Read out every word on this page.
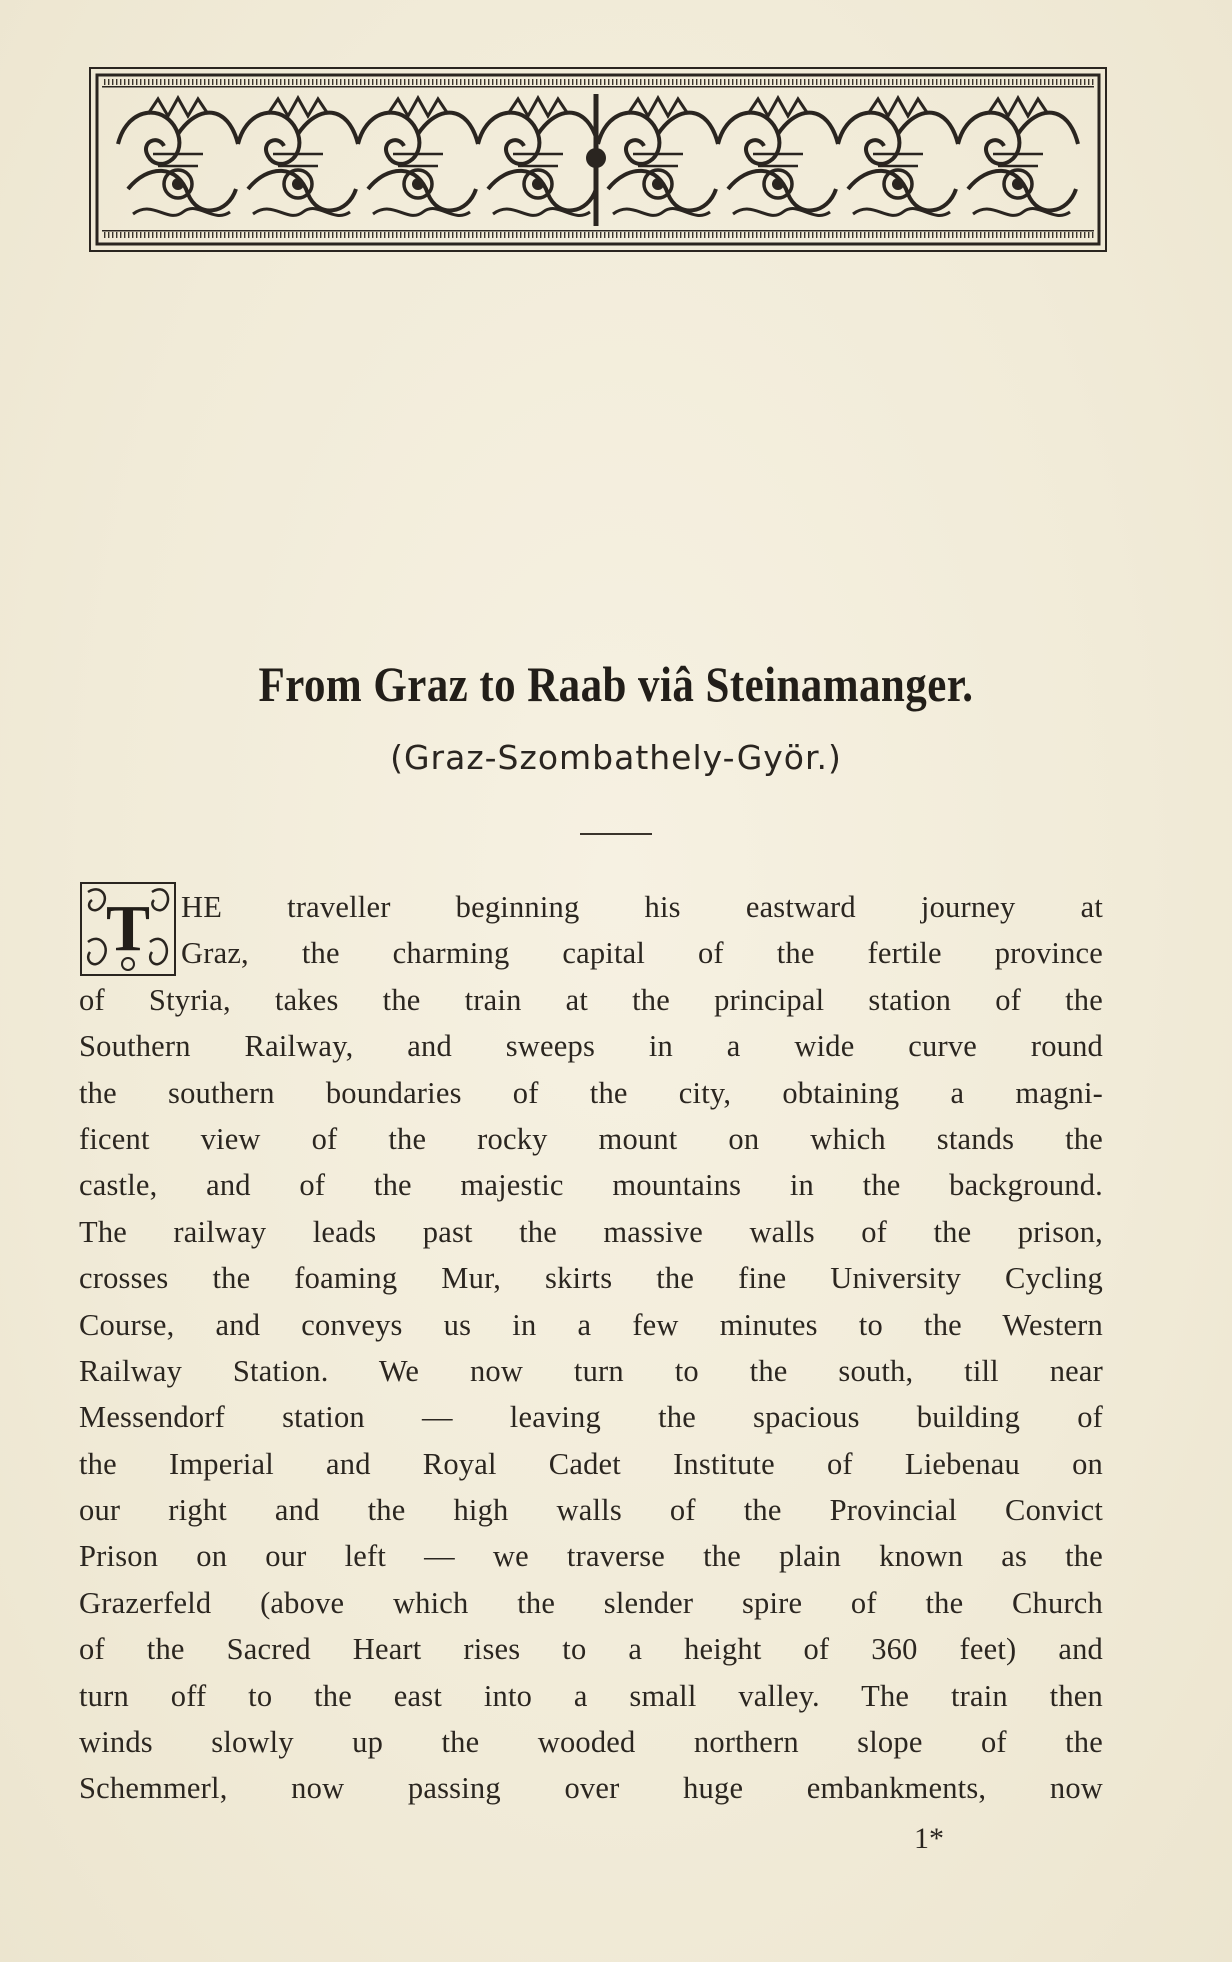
From Graz to Raab viâ Steinamanger.
(Graz-Szombathely-Györ.)
T	HE traveller beginning his eastward journey at
Graz, the charming capital of the fertile province
of Styria, takes the train at the principal station of the
Southern Railway, and sweeps in a wide curve round
the southern boundaries of the city, obtaining a magni-
ficent view of the rocky mount on which stands the
castle, and of the majestic mountains in the background.
The railway leads past the massive walls of the prison,
crosses the foaming Mur, skirts the fine University Cycling
Course, and conveys us in a few minutes to the Western
Railway Station. We now turn to the south, till near
Messendorf station — leaving the spacious building of
the Imperial and Royal Cadet Institute of Liebenau on
our right and the high walls of the Provincial Convict
Prison on our left — we traverse the plain known as the
Grazerfeld (above which the slender spire of the Church
of the Sacred Heart rises to a height of 360 feet) and
turn off to the east into a small valley. The train then
winds slowly up the wooded northern slope of the
Schemmerl, now passing over huge embankments, now
1*
